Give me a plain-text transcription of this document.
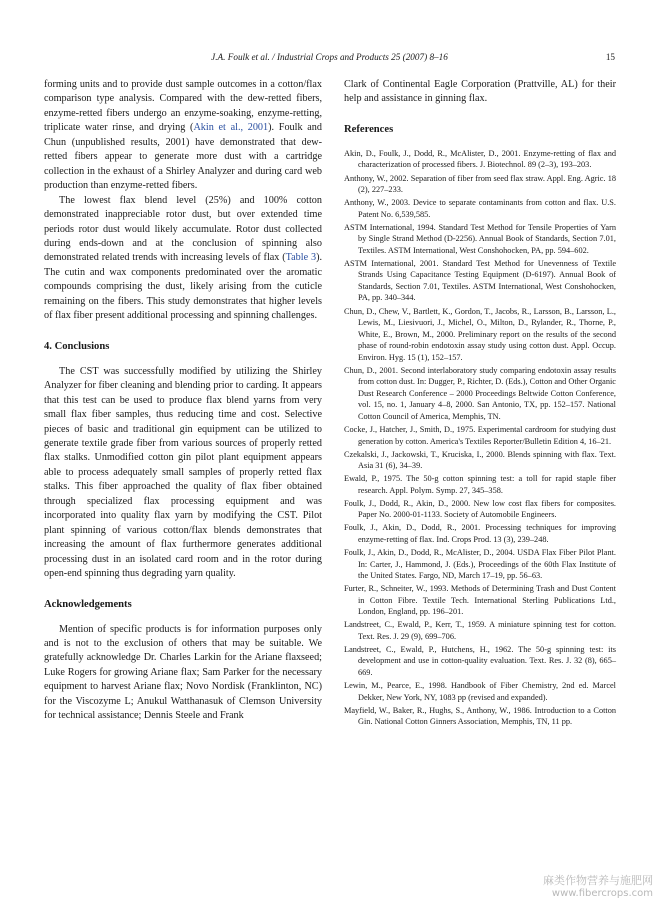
J.A. Foulk et al. / Industrial Crops and Products 25 (2007) 8–16	15

forming units and to provide dust sample outcomes in a cotton/flax comparison type analysis. Compared with the dew-retted fibers, enzyme-retted fibers undergo an enzyme-soaking, enzyme-retting, triplicate water rinse, and drying (Akin et al., 2001). Foulk and Chun (unpublished results, 2001) have demonstrated that dew-retted fibers appear to generate more dust with a cartridge collection in the exhaust of a Shirley Analyzer and during card web production than enzyme-retted fibers.

The lowest flax blend level (25%) and 100% cotton demonstrated inappreciable rotor dust, but over extended time periods rotor dust would likely accumulate. Rotor dust collected during ends-down and at the conclusion of spinning also demonstrated related trends with increasing levels of flax (Table 3). The cutin and wax components predominated over the aromatic compounds comprising the dust, likely arising from the cuticle remaining on the fibers. This study demonstrates that higher levels of flax fiber present additional processing and spinning challenges.

4. Conclusions

The CST was successfully modified by utilizing the Shirley Analyzer for fiber cleaning and blending prior to carding. It appears that this test can be used to produce flax blend yarns from very small flax fiber samples, thus reducing time and cost. Selective pieces of basic and traditional gin equipment can be utilized to generate textile grade fiber from various sources of properly retted flax stalks. Unmodified cotton gin pilot plant equipment appears able to process adequately small samples of properly retted flax stalks. This fiber approached the quality of flax fiber obtained through specialized flax processing equipment and was incorporated into quality flax yarn by modifying the CST. Pilot plant spinning of various cotton/flax blends demonstrates that increasing the amount of flax furthermore generates additional processing dust in an isolated card room and in the rotor during open-end spinning thus degrading yarn quality.

Acknowledgements

Mention of specific products is for information purposes only and is not to the exclusion of others that may be suitable. We gratefully acknowledge Dr. Charles Larkin for the Ariane flaxseed; Luke Rogers for growing Ariane flax; Sam Parker for the necessary equipment to harvest Ariane flax; Novo Nordisk (Franklinton, NC) for the Viscozyme L; Anukul Watthanasuk of Clemson University for technical assistance; Dennis Steele and Frank

Clark of Continental Eagle Corporation (Prattville, AL) for their help and assistance in ginning flax.

References
Akin, D., Foulk, J., Dodd, R., McAlister, D., 2001. Enzyme-retting of flax and characterization of processed fibers. J. Biotechnol. 89 (2–3), 193–203.
Anthony, W., 2002. Separation of fiber from seed flax straw. Appl. Eng. Agric. 18 (2), 227–233.
Anthony, W., 2003. Device to separate contaminants from cotton and flax. U.S. Patent No. 6,539,585.
ASTM International, 1994. Standard Test Method for Tensile Properties of Yarn by Single Strand Method (D-2256). Annual Book of Standards, Section 7.01, Textiles. ASTM International, West Conshohocken, PA, pp. 594–602.
ASTM International, 2001. Standard Test Method for Unevenness of Textile Strands Using Capacitance Testing Equipment (D-6197). Annual Book of Standards, Section 7.01, Textiles. ASTM International, West Conshohocken, PA, pp. 340–344.
Chun, D., Chew, V., Bartlett, K., Gordon, T., Jacobs, R., Larsson, B., Larsson, L., Lewis, M., Liesivuori, J., Michel, O., Milton, D., Rylander, R., Thorne, P., White, E., Brown, M., 2000. Preliminary report on the results of the second phase of round-robin endotoxin assay study using cotton dust. Appl. Occup. Environ. Hyg. 15 (1), 152–157.
Chun, D., 2001. Second interlaboratory study comparing endotoxin assay results from cotton dust. In: Dugger, P., Richter, D. (Eds.), Cotton and Other Organic Dust Research Conference – 2000 Proceedings Beltwide Cotton Conference, vol. 15, no. 1, January 4–8, 2000. San Antonio, TX, pp. 152–157. National Cotton Council of America, Memphis, TN.
Cocke, J., Hatcher, J., Smith, D., 1975. Experimental cardroom for studying dust generation by cotton. America's Textiles Reporter/Bulletin Edition 4, 16–21.
Czekalski, J., Jackowski, T., Kruciska, I., 2000. Blends spinning with flax. Text. Asia 31 (6), 34–39.
Ewald, P., 1975. The 50-g cotton spinning test: a toll for rapid staple fiber research. Appl. Polym. Symp. 27, 345–358.
Foulk, J., Dodd, R., Akin, D., 2000. New low cost flax fibers for composites. Paper No. 2000-01-1133. Society of Automobile Engineers.
Foulk, J., Akin, D., Dodd, R., 2001. Processing techniques for improving enzyme-retting of flax. Ind. Crops Prod. 13 (3), 239–248.
Foulk, J., Akin, D., Dodd, R., McAlister, D., 2004. USDA Flax Fiber Pilot Plant. In: Carter, J., Hammond, J. (Eds.), Proceedings of the 60th Flax Institute of the United States. Fargo, ND, March 17–19, pp. 56–63.
Furter, R., Schneiter, W., 1993. Methods of Determining Trash and Dust Content in Cotton Fibre. Textile Tech. International Sterling Publications Ltd., London, England, pp. 196–201.
Landstreet, C., Ewald, P., Kerr, T., 1959. A miniature spinning test for cotton. Text. Res. J. 29 (9), 699–706.
Landstreet, C., Ewald, P., Hutchens, H., 1962. The 50-g spinning test: its development and use in cotton-quality evaluation. Text. Res. J. 32 (8), 665–669.
Lewin, M., Pearce, E., 1998. Handbook of Fiber Chemistry, 2nd ed. Marcel Dekker, New York, NY, 1083 pp (revised and expanded).
Mayfield, W., Baker, R., Hughs, S., Anthony, W., 1986. Introduction to a Cotton Gin. National Cotton Ginners Association, Memphis, TN, 11 pp.
麻类作物营养与施肥网
www.fibercrops.com
